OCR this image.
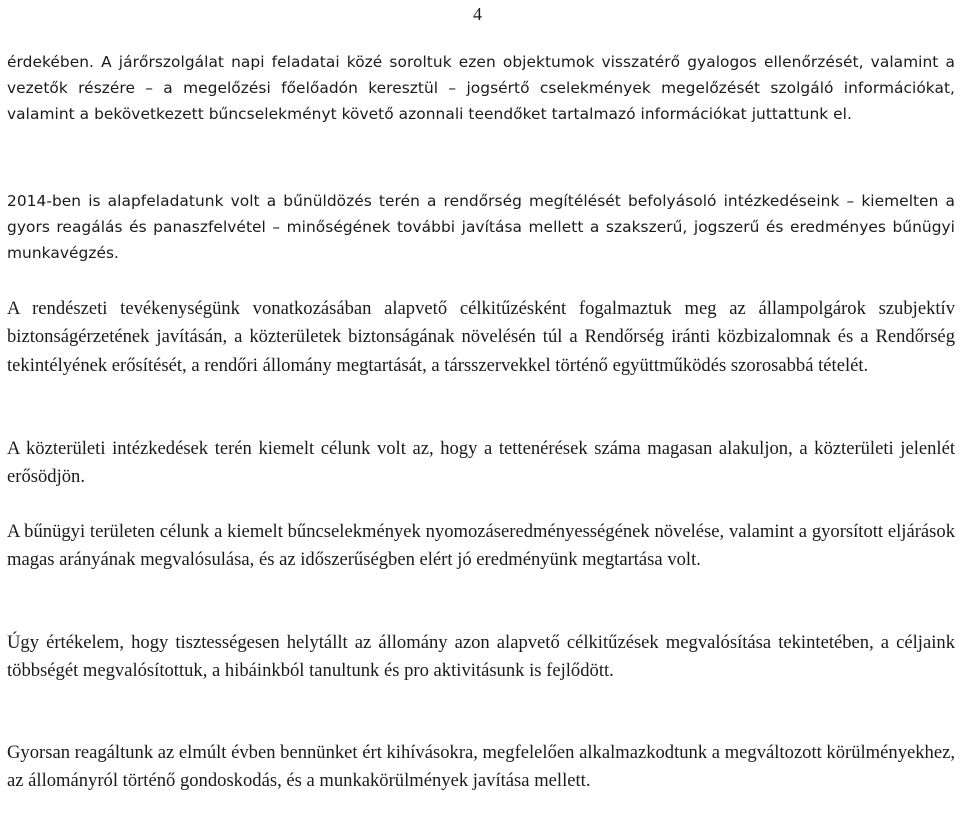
4

érdekében. A járőrszolgálat napi feladatai közé soroltuk ezen objektumok visszatérő gyalogos ellenőrzését, valamint a vezetők részére – a megelőzési főelőadón keresztül – jogsértő cselekmények megelőzését szolgáló információkat, valamint a bekövetkezett bűncselekményt követő azonnali teendőket tartalmazó információkat juttattunk el.

2014-ben is alapfeladatunk volt a bűnüldözés terén a rendőrség megítélését befolyásoló intézkedéseink – kiemelten a gyors reagálás és panaszfelvétel – minőségének további javítása mellett a szakszerű, jogszerű és eredményes bűnügyi munkavégzés.

A rendészeti tevékenységünk vonatkozásában alapvető célkitűzésként fogalmaztuk meg az állampolgárok szubjektív biztonságérzetének javításán, a közterületek biztonságának növelésén túl a Rendőrség iránti közbizalomnak és a Rendőrség tekintélyének erősítését, a rendőri állomány megtartását, a társszervekkel történő együttműködés szorosabbá tételét.

A közterületi intézkedések terén kiemelt célunk volt az, hogy a tettenérések száma magasan alakuljon, a közterületi jelenlét erősödjön.

A bűnügyi területen célunk a kiemelt bűncselekmények nyomozáseredményességének növelése, valamint a gyorsított eljárások magas arányának megvalósulása, és az időszerűségben elért jó eredményünk megtartása volt.

Úgy értékelem, hogy tisztességesen helytállt az állomány azon alapvető célkitűzések megvalósítása tekintetében, a céljaink többségét megvalósítottuk, a hibáinkból tanultunk és pro aktivitásunk is fejlődött.

Gyorsan reagáltunk az elmúlt évben bennünket ért kihívásokra, megfelelően alkalmazkodtunk a megváltozott körülményekhez, az állományról történő gondoskodás, és a munkakörülmények javítása mellett.
